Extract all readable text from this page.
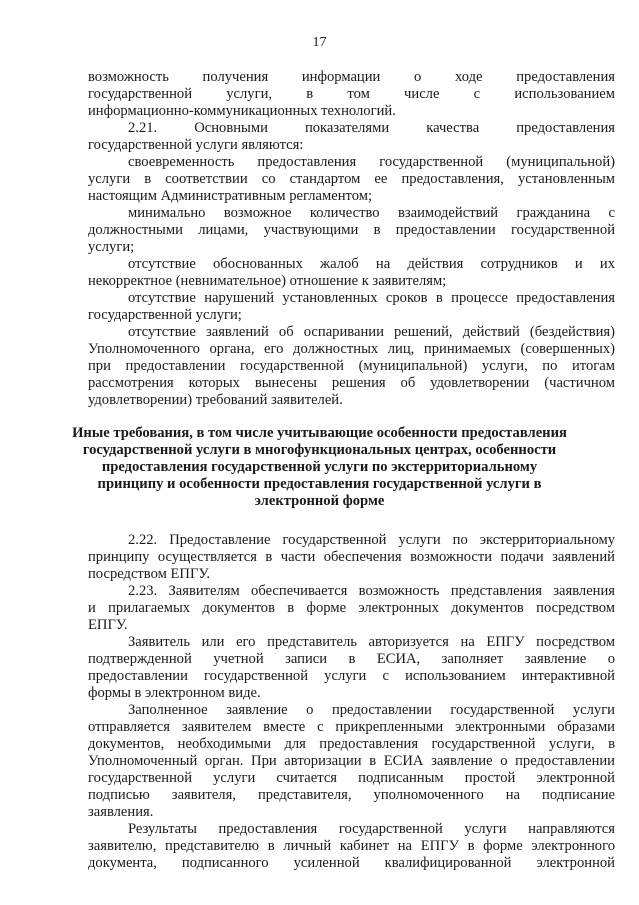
17
возможность получения информации о ходе предоставления
государственной услуги, в том числе с использованием
информационно-коммуникационных технологий.
2.21. Основными показателями качества предоставления
государственной услуги являются:
своевременность предоставления государственной (муниципальной)
услуги в соответствии со стандартом ее предоставления, установленным
настоящим Административным регламентом;
минимально возможное количество взаимодействий гражданина с
должностными лицами, участвующими в предоставлении государственной
услуги;
отсутствие обоснованных жалоб на действия сотрудников и их
некорректное (невнимательное) отношение к заявителям;
отсутствие нарушений установленных сроков в процессе предоставления
государственной услуги;
отсутствие заявлений об оспаривании решений, действий (бездействия)
Уполномоченного органа, его должностных лиц, принимаемых (совершенных)
при предоставлении государственной (муниципальной) услуги, по итогам
рассмотрения которых вынесены решения об удовлетворении (частичном
удовлетворении) требований заявителей.
Иные требования, в том числе учитывающие особенности предоставления
государственной услуги в многофункциональных центрах, особенности
предоставления государственной услуги по экстерриториальному
принципу и особенности предоставления государственной услуги в
электронной форме
2.22. Предоставление государственной услуги по экстерриториальному
принципу осуществляется в части обеспечения возможности подачи заявлений
посредством ЕПГУ.
2.23. Заявителям обеспечивается возможность представления заявления
и прилагаемых документов в форме электронных документов посредством
ЕПГУ.
Заявитель или его представитель авторизуется на ЕПГУ посредством
подтвержденной учетной записи в ЕСИА, заполняет заявление о
предоставлении государственной услуги с использованием интерактивной
формы в электронном виде.
Заполненное заявление о предоставлении государственной услуги
отправляется заявителем вместе с прикрепленными электронными образами
документов, необходимыми для предоставления государственной услуги, в
Уполномоченный орган. При авторизации в ЕСИА заявление о предоставлении
государственной услуги считается подписанным простой электронной
подписью заявителя, представителя, уполномоченного на подписание
заявления.
Результаты предоставления государственной услуги направляются
заявителю, представителю в личный кабинет на ЕПГУ в форме электронного
документа, подписанного усиленной квалифицированной электронной
